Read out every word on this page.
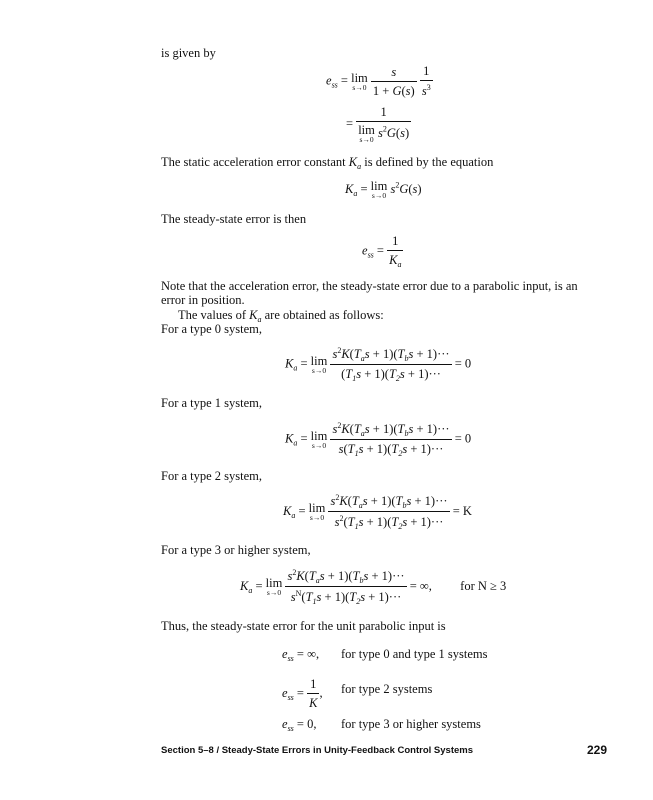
is given by
$e_{ss} = \lim$
s→0
$\frac{s}{1 + G(s)}$
$\frac{1}{s^3}$
= 1
lim
s→0 $s^2G(s)$
The static acceleration error constant $K_a$ is defined by the equation
$K_a = \lim$
s→0 $s^2G(s)$
The steady-state error is then
$e_{ss} = \frac{1}{K_a}$
Note that the acceleration error, the steady-state error due to a parabolic input, is an
error in position.
The values of $K_a$ are obtained as follows:
For a type 0 system,
$K_a = \lim$
s→0
$\frac{s^2K(T_as + 1)(T_bs + 1)\cdot\cdot\cdot}{(T_1s + 1)(T_2s + 1)\cdot\cdot\cdot} = 0$
For a type 1 system,
$K_a = \lim$
s→0
$\frac{s^2K(T_as + 1)(T_bs + 1)\cdot\cdot\cdot}{s(T_1s + 1)(T_2s + 1)\cdot\cdot\cdot} = 0$
For a type 2 system,
$K_a = \lim$
s→0
$\frac{s^2K(T_as + 1)(T_bs + 1)\cdot\cdot\cdot}{s^2(T_1s + 1)(T_2s + 1)\cdot\cdot\cdot} = K$
For a type 3 or higher system,
$K_a = \lim$
s→0
$\frac{s^2K(T_as + 1)(T_bs + 1)\cdot\cdot\cdot}{s^N(T_1s + 1)(T_2s + 1)\cdot\cdot\cdot}$ = ∞, for N ≥ 3
Thus, the steady-state error for the unit parabolic input is
$e_{ss}$ = ∞, for type 0 and type 1 systems
$e_{ss} = \frac{1}{K}$ , for type 2 systems
$e_{ss} = 0$, for type 3 or higher systems
Section 5–8 / Steady-State Errors in Unity-Feedback Control Systems	229
